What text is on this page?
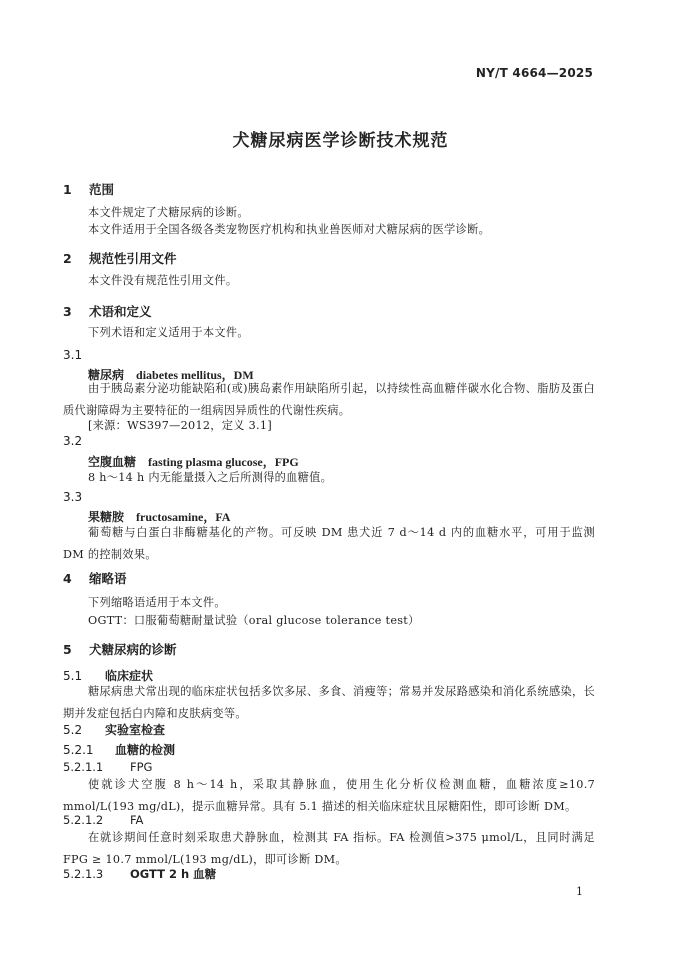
NY/T 4664—2025
犬糖尿病医学诊断技术规范
1 范围
本文件规定了犬糖尿病的诊断。
本文件适用于全国各级各类宠物医疗机构和执业兽医师对犬糖尿病的医学诊断。
2 规范性引用文件
本文件没有规范性引用文件。
3 术语和定义
下列术语和定义适用于本文件。
3.1
糖尿病 diabetes mellitus，DM
由于胰岛素分泌功能缺陷和(或)胰岛素作用缺陷所引起，以持续性高血糖伴碳水化合物、脂肪及蛋白质代谢障碍为主要特征的一组病因异质性的代谢性疾病。
[来源：WS397—2012，定义 3.1]
3.2
空腹血糖 fasting plasma glucose，FPG
8 h～14 h 内无能量摄入之后所测得的血糖值。
3.3
果糖胺 fructosamine，FA
葡萄糖与白蛋白非酶糖基化的产物。可反映 DM 患犬近 7 d～14 d 内的血糖水平，可用于监测 DM 的控制效果。
4 缩略语
下列缩略语适用于本文件。
OGTT：口服葡萄糖耐量试验（oral glucose tolerance test）
5 犬糖尿病的诊断
5.1 临床症状
糖尿病患犬常出现的临床症状包括多饮多尿、多食、消瘦等；常易并发尿路感染和消化系统感染，长期并发症包括白内障和皮肤病变等。
5.2 实验室检查
5.2.1 血糖的检测
5.2.1.1 FPG
使就诊犬空腹 8 h～14 h，采取其静脉血，使用生化分析仪检测血糖，血糖浓度≥10.7 mmol/L(193 mg/dL)，提示血糖异常。具有 5.1 描述的相关临床症状且尿糖阳性，即可诊断 DM。
5.2.1.2 FA
在就诊期间任意时刻采取患犬静脉血，检测其 FA 指标。FA 检测值>375 μmol/L，且同时满足 FPG ≥ 10.7 mmol/L(193 mg/dL)，即可诊断 DM。
5.2.1.3 OGTT 2 h 血糖
1
